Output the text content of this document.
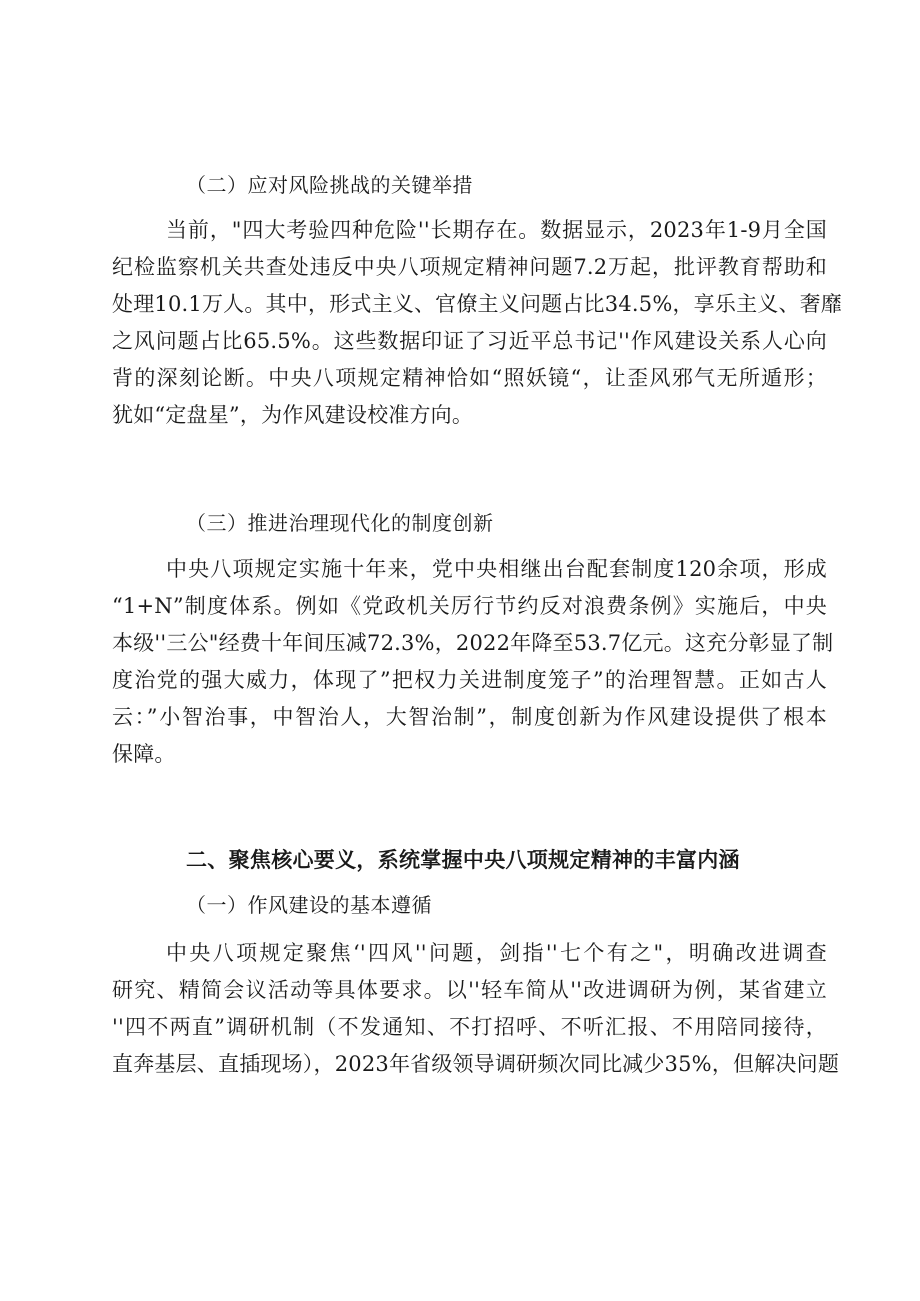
（二）应对风险挑战的关键举措
当前，"四大考验四种危险''长期存在。数据显示，2023年1-9月全国
纪检监察机关共查处违反中央八项规定精神问题7.2万起，批评教育帮助和
处理10.1万人。其中，形式主义、官僚主义问题占比34.5%，享乐主义、奢靡
之风问题占比65.5%。这些数据印证了习近平总书记''作风建设关系人心向
背的深刻论断。中央八项规定精神恰如“照妖镜“，让歪风邪气无所遁形；
犹如“定盘星”，为作风建设校准方向。
（三）推进治理现代化的制度创新
中央八项规定实施十年来，党中央相继出台配套制度120余项，形成
“1+N”制度体系。例如《党政机关厉行节约反对浪费条例》实施后，中央
本级''三公"经费十年间压减72.3%，2022年降至53.7亿元。这充分彰显了制
度治党的强大威力，体现了”把权力关进制度笼子”的治理智慧。正如古人
云：”小智治事，中智治人，大智治制”，制度创新为作风建设提供了根本
保障。
二、聚焦核心要义，系统掌握中央八项规定精神的丰富内涵
（一）作风建设的基本遵循
中央八项规定聚焦‘'四风''问题，剑指''七个有之"，明确改进调查
研究、精简会议活动等具体要求。以''轻车简从''改进调研为例，某省建立
''四不两直”调研机制（不发通知、不打招呼、不听汇报、不用陪同接待，
直奔基层、直插现场），2023年省级领导调研频次同比减少35%，但解决问题
